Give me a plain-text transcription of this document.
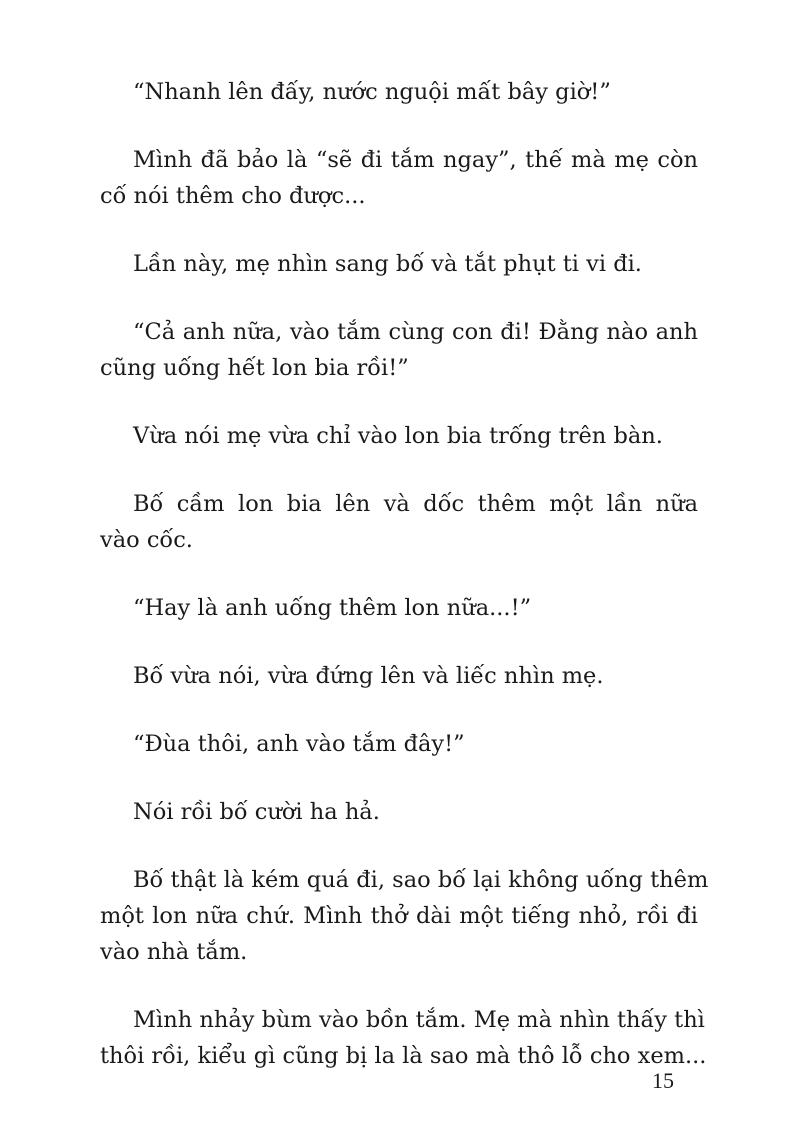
“Nhanh lên đấy, nước nguội mất bây giờ!”
Mình đã bảo là “sẽ đi tắm ngay”, thế mà mẹ còn
cố nói thêm cho được...
Lần này, mẹ nhìn sang bố và tắt phụt ti vi đi.
“Cả anh nữa, vào tắm cùng con đi! Đằng nào anh
cũng uống hết lon bia rồi!”
Vừa nói mẹ vừa chỉ vào lon bia trống trên bàn.
Bố cầm lon bia lên và dốc thêm một lần nữa
vào cốc.
“Hay là anh uống thêm lon nữa...!”
Bố vừa nói, vừa đứng lên và liếc nhìn mẹ.
“Đùa thôi, anh vào tắm đây!”
Nói rồi bố cười ha hả.
Bố thật là kém quá đi, sao bố lại không uống thêm
một lon nữa chứ. Mình thở dài một tiếng nhỏ, rồi đi
vào nhà tắm.
Mình nhảy bùm vào bồn tắm. Mẹ mà nhìn thấy thì
thôi rồi, kiểu gì cũng bị la là sao mà thô lỗ cho xem...
15
